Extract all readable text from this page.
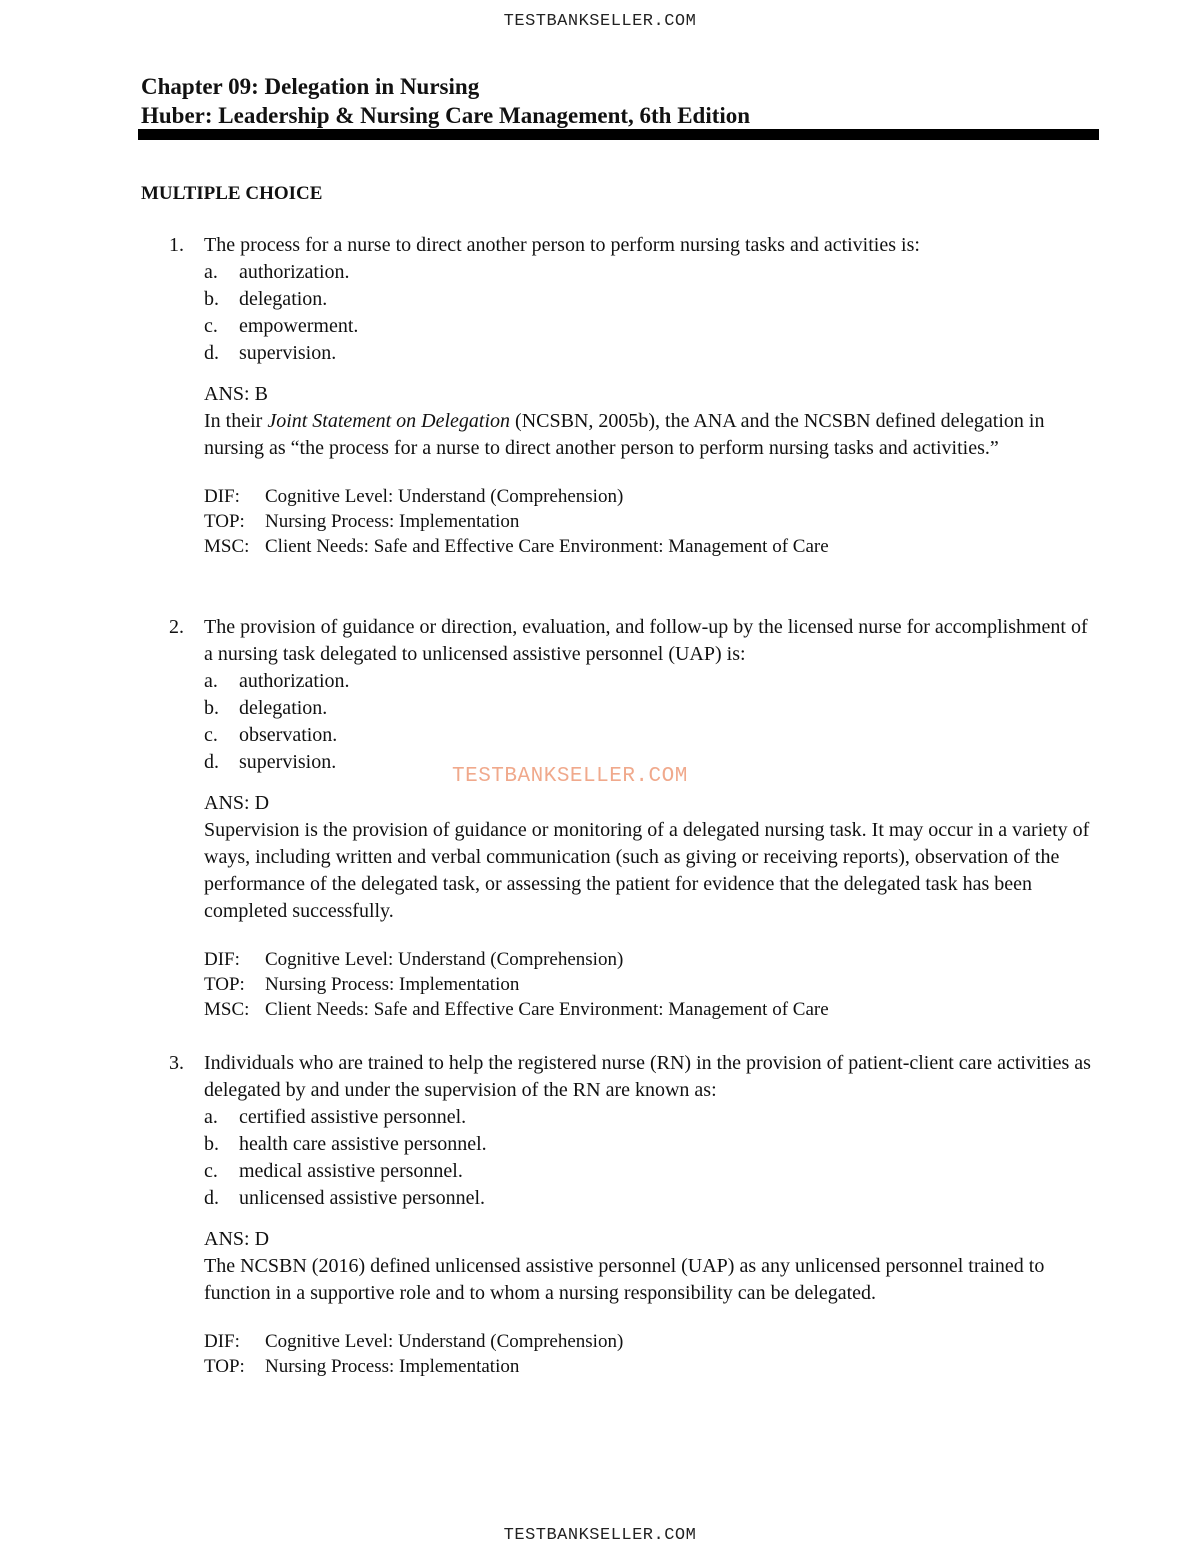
TESTBANKSELLER.COM
Chapter 09: Delegation in Nursing
Huber: Leadership & Nursing Care Management, 6th Edition
MULTIPLE CHOICE
1. The process for a nurse to direct another person to perform nursing tasks and activities is:
a. authorization.
b. delegation.
c. empowerment.
d. supervision.
ANS: B
In their Joint Statement on Delegation (NCSBN, 2005b), the ANA and the NCSBN defined delegation in nursing as “the process for a nurse to direct another person to perform nursing tasks and activities.”
DIF: Cognitive Level: Understand (Comprehension)
TOP: Nursing Process: Implementation
MSC: Client Needs: Safe and Effective Care Environment: Management of Care
2. The provision of guidance or direction, evaluation, and follow-up by the licensed nurse for accomplishment of a nursing task delegated to unlicensed assistive personnel (UAP) is:
a. authorization.
b. delegation.
c. observation.
d. supervision.
ANS: D
Supervision is the provision of guidance or monitoring of a delegated nursing task. It may occur in a variety of ways, including written and verbal communication (such as giving or receiving reports), observation of the performance of the delegated task, or assessing the patient for evidence that the delegated task has been completed successfully.
DIF: Cognitive Level: Understand (Comprehension)
TOP: Nursing Process: Implementation
MSC: Client Needs: Safe and Effective Care Environment: Management of Care
3. Individuals who are trained to help the registered nurse (RN) in the provision of patient-client care activities as delegated by and under the supervision of the RN are known as:
a. certified assistive personnel.
b. health care assistive personnel.
c. medical assistive personnel.
d. unlicensed assistive personnel.
ANS: D
The NCSBN (2016) defined unlicensed assistive personnel (UAP) as any unlicensed personnel trained to function in a supportive role and to whom a nursing responsibility can be delegated.
DIF: Cognitive Level: Understand (Comprehension)
TOP: Nursing Process: Implementation
TESTBANKSELLER.COM
TESTBANKSELLER.COM
